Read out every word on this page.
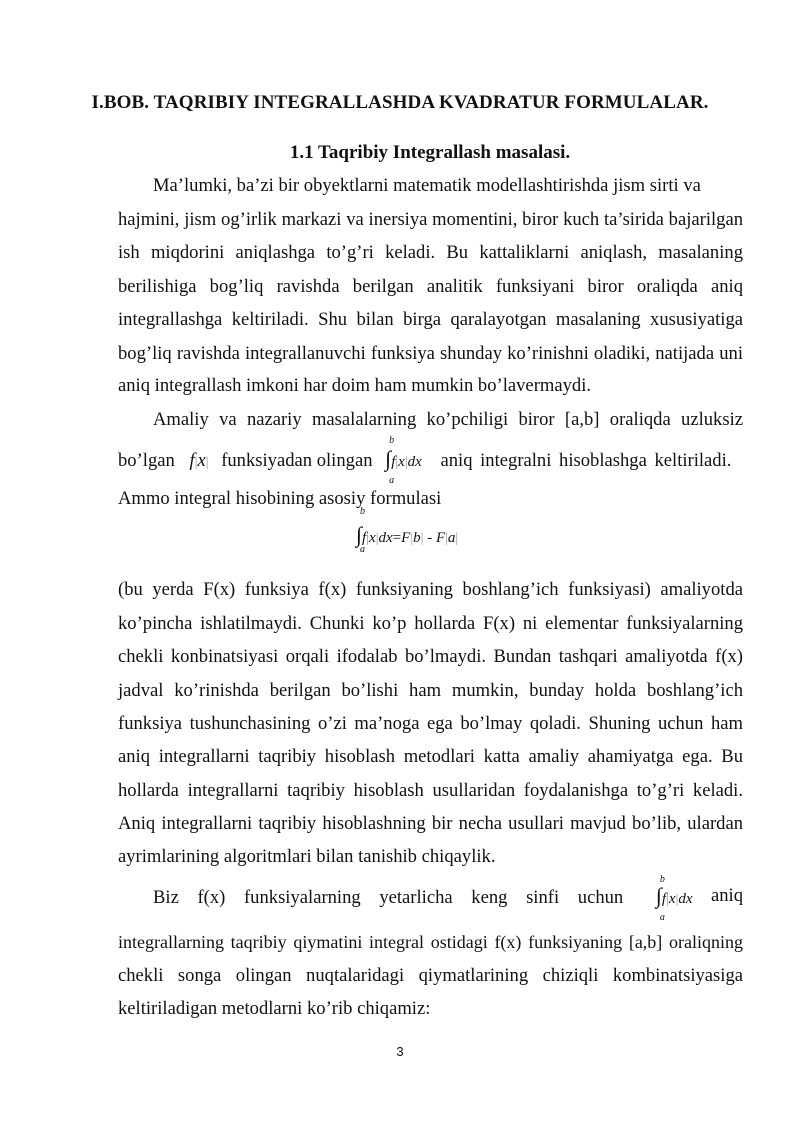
I.BOB. TAQRIBIY INTEGRALLASHDA KVADRATUR FORMULALAR.
1.1 Taqribiy Integrallash masalasi.
Ma’lumki, ba’zi bir obyektlarni matematik modellashtirishda jism sirti va
hajmini, jism og’irlik markazi va inersiya momentini, biror kuch ta’sirida bajarilgan
ish miqdorini aniqlashga to’g’ri keladi. Bu kattaliklarni aniqlash, masalaning
berilishiga bog’liq ravishda berilgan analitik funksiyani biror oraliqda aniq
integrallashga keltiriladi. Shu bilan birga qaralayotgan masalaning xususiyatiga
bog’liq ravishda integrallanuvchi funksiya shunday ko’rinishni oladiki, natijada uni
aniq integrallash imkoni har doim ham mumkin bo’lavermaydi.
Amaliy va nazariy masalalarning ko’pchiligi biror [a,b] oraliqda uzluksiz
bo’lgan f|x| funksiyadan olingan
b
∫
a
f|x|dx aniq integralni hisoblashga keltiriladi.
Ammo integral hisobining asosiy formulasi
b
∫
a
f|x|dx=F|b| - F|a|
(bu yerda F(x) funksiya f(x) funksiyaning boshlang’ich funksiyasi) amaliyotda
ko’pincha ishlatilmaydi. Chunki ko’p hollarda F(x) ni elementar funksiyalarning
chekli konbinatsiyasi orqali ifodalab bo’lmaydi. Bundan tashqari amaliyotda f(x)
jadval ko’rinishda berilgan bo’lishi ham mumkin, bunday holda boshlang’ich
funksiya tushunchasining o’zi ma’noga ega bo’lmay qoladi. Shuning uchun ham
aniq integrallarni taqribiy hisoblash metodlari katta amaliy ahamiyatga ega. Bu
hollarda integrallarni taqribiy hisoblash usullaridan foydalanishga to’g’ri keladi.
Aniq integrallarni taqribiy hisoblashning bir necha usullari mavjud bo’lib, ulardan
ayrimlarining algoritmlari bilan tanishib chiqaylik.
Biz f(x) funksiyalarning yetarlicha keng sinfi uchun
b
∫
a
f|x|dx aniq
integrallarning taqribiy qiymatini integral ostidagi f(x) funksiyaning [a,b] oraliqning
chekli songa olingan nuqtalaridagi qiymatlarining chiziqli kombinatsiyasiga
keltiriladigan metodlarni ko’rib chiqamiz:
3
